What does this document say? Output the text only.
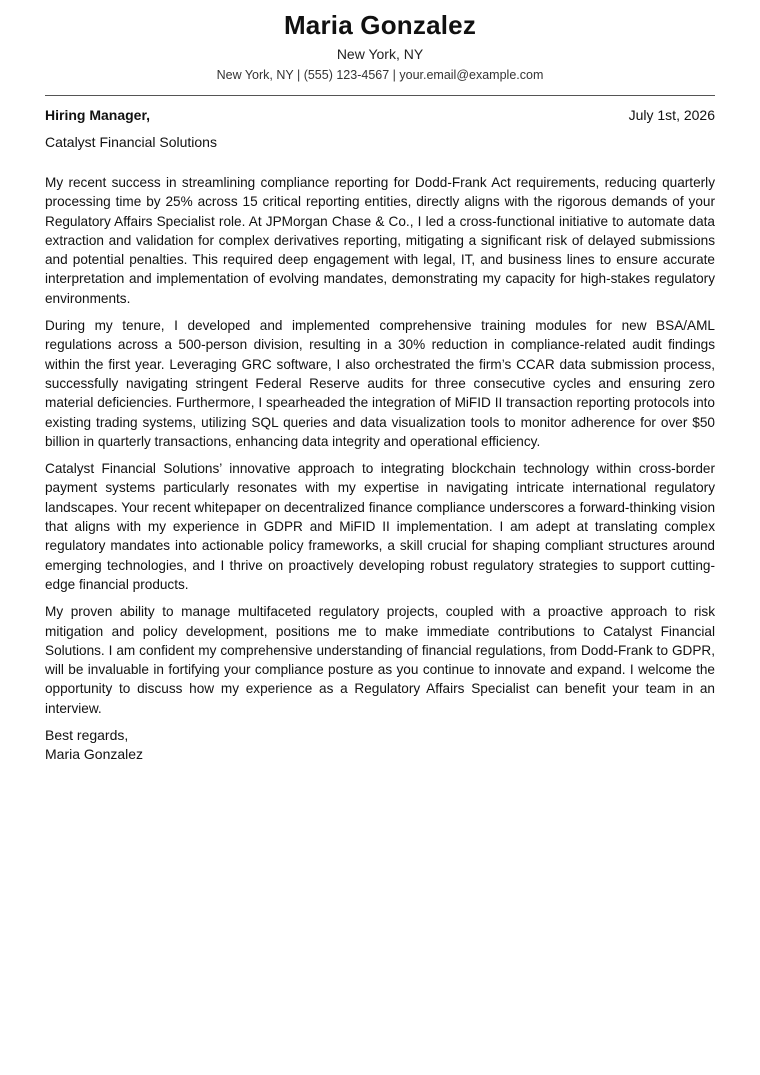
Maria Gonzalez
New York, NY
New York, NY | (555) 123-4567 | your.email@example.com
Hiring Manager,	July 1st, 2026
Catalyst Financial Solutions

My recent success in streamlining compliance reporting for Dodd-Frank Act requirements, reducing quarterly processing time by 25% across 15 critical reporting entities, directly aligns with the rigorous demands of your Regulatory Affairs Specialist role. At JPMorgan Chase & Co., I led a cross-functional initiative to automate data extraction and validation for complex derivatives reporting, mitigating a significant risk of delayed submissions and potential penalties. This required deep engagement with legal, IT, and business lines to ensure accurate interpretation and implementation of evolving mandates, demonstrating my capacity for high-stakes regulatory environments.

During my tenure, I developed and implemented comprehensive training modules for new BSA/AML regulations across a 500-person division, resulting in a 30% reduction in compliance-related audit findings within the first year. Leveraging GRC software, I also orchestrated the firm’s CCAR data submission process, successfully navigating stringent Federal Reserve audits for three consecutive cycles and ensuring zero material deficiencies. Furthermore, I spearheaded the integration of MiFID II transaction reporting protocols into existing trading systems, utilizing SQL queries and data visualization tools to monitor adherence for over $50 billion in quarterly transactions, enhancing data integrity and operational efficiency.

Catalyst Financial Solutions’ innovative approach to integrating blockchain technology within cross-border payment systems particularly resonates with my expertise in navigating intricate international regulatory landscapes. Your recent whitepaper on decentralized finance compliance underscores a forward-thinking vision that aligns with my experience in GDPR and MiFID II implementation. I am adept at translating complex regulatory mandates into actionable policy frameworks, a skill crucial for shaping compliant structures around emerging technologies, and I thrive on proactively developing robust regulatory strategies to support cutting-edge financial products.

My proven ability to manage multifaceted regulatory projects, coupled with a proactive approach to risk mitigation and policy development, positions me to make immediate contributions to Catalyst Financial Solutions. I am confident my comprehensive understanding of financial regulations, from Dodd-Frank to GDPR, will be invaluable in fortifying your compliance posture as you continue to innovate and expand. I welcome the opportunity to discuss how my experience as a Regulatory Affairs Specialist can benefit your team in an interview.

Best regards,
Maria Gonzalez
